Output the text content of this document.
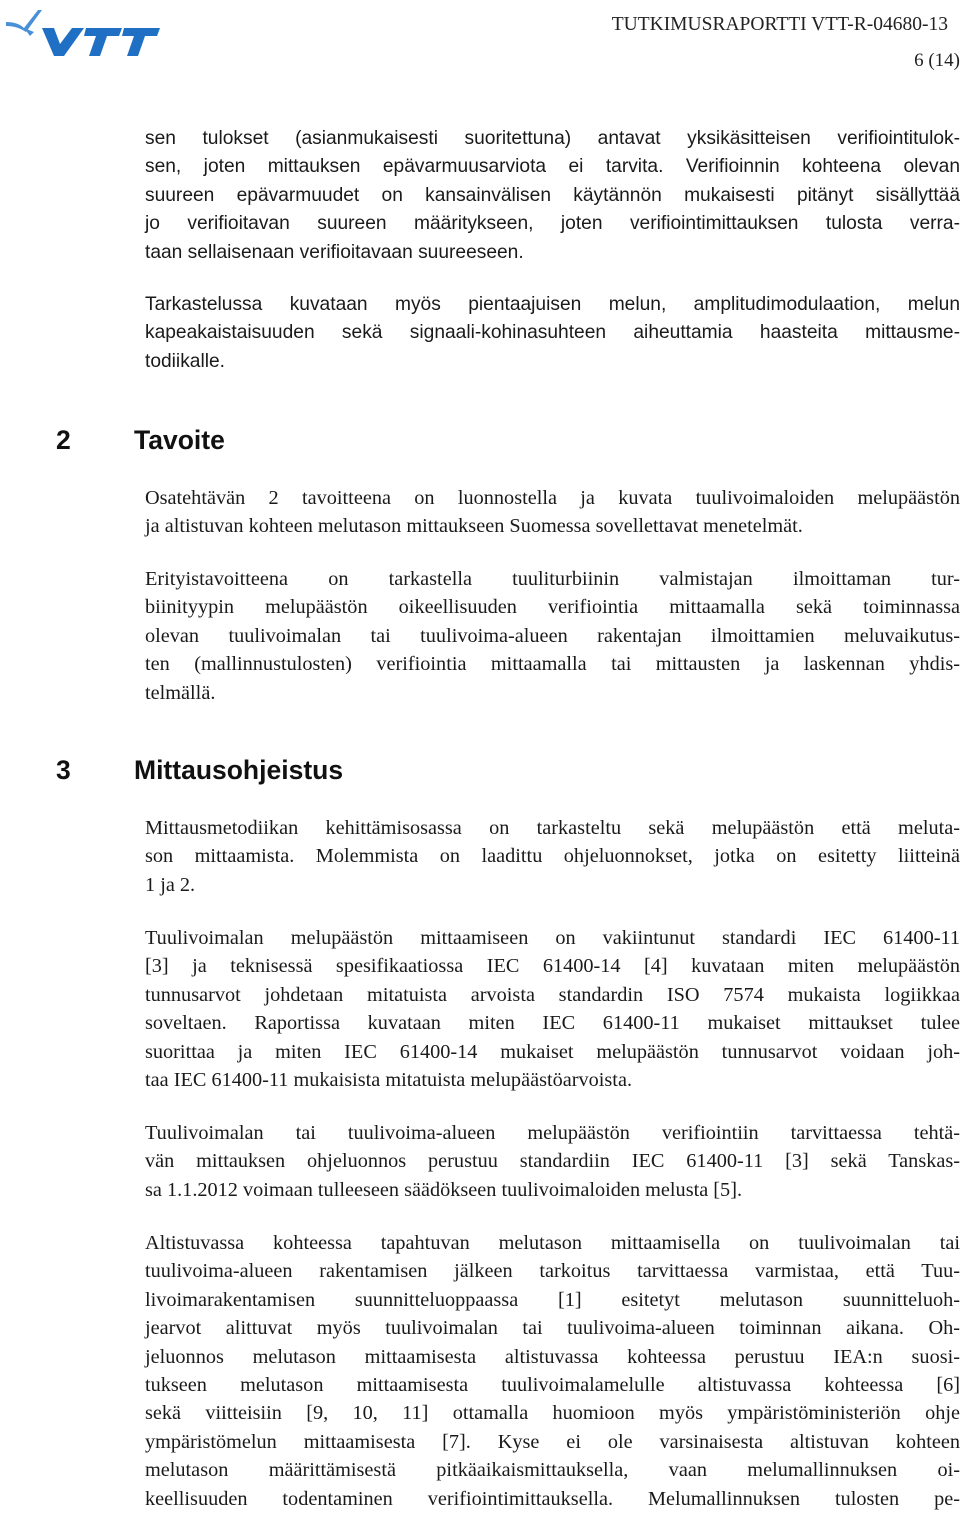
TUTKIMUSRAPORTTI VTT-R-04680-13
6 (14)

sen tulokset (asianmukaisesti suoritettuna) antavat yksikäsitteisen verifiointitulok-
sen, joten mittauksen epävarmuusarviota ei tarvita. Verifioinnin kohteena olevan
suureen epävarmuudet on kansainvälisen käytännön mukaisesti pitänyt sisällyttää
jo verifioitavan suureen määritykseen, joten verifiointimittauksen tulosta verra-
taan sellaisenaan verifioitavaan suureeseen.

Tarkastelussa kuvataan myös pientaajuisen melun, amplitudimodulaation, melun
kapeakaistaisuuden sekä signaali-kohinasuhteen aiheuttamia haasteita mittausme-
todiikalle.

2 Tavoite

Osatehtävän 2 tavoitteena on luonnostella ja kuvata tuulivoimaloiden melupäästön
ja altistuvan kohteen melutason mittaukseen Suomessa sovellettavat menetelmät.

Erityistavoitteena on tarkastella tuuliturbiinin valmistajan ilmoittaman tur-
biinityypin melupäästön oikeellisuuden verifiointia mittaamalla sekä toiminnassa
olevan tuulivoimalan tai tuulivoima-alueen rakentajan ilmoittamien meluvaikutus-
ten (mallinnustulosten) verifiointia mittaamalla tai mittausten ja laskennan yhdis-
telmällä.

3 Mittausohjeistus

Mittausmetodiikan kehittämisosassa on tarkasteltu sekä melupäästön että meluta-
son mittaamista. Molemmista on laadittu ohjeluonnokset, jotka on esitetty liitteinä
1 ja 2.

Tuulivoimalan melupäästön mittaamiseen on vakiintunut standardi IEC 61400-11
[3] ja teknisessä spesifikaatiossa IEC 61400-14 [4] kuvataan miten melupäästön
tunnusarvot johdetaan mitatuista arvoista standardin ISO 7574 mukaista logiikkaa
soveltaen. Raportissa kuvataan miten IEC 61400-11 mukaiset mittaukset tulee
suorittaa ja miten IEC 61400-14 mukaiset melupäästön tunnusarvot voidaan joh-
taa IEC 61400-11 mukaisista mitatuista melupäästöarvoista.

Tuulivoimalan tai tuulivoima-alueen melupäästön verifiointiin tarvittaessa tehtä-
vän mittauksen ohjeluonnos perustuu standardiin IEC 61400-11 [3] sekä Tanskas-
sa 1.1.2012 voimaan tulleeseen säädökseen tuulivoimaloiden melusta [5].

Altistuvassa kohteessa tapahtuvan melutason mittaamisella on tuulivoimalan tai
tuulivoima-alueen rakentamisen jälkeen tarkoitus tarvittaessa varmistaa, että Tuu-
livoimarakentamisen suunnitteluoppaassa [1] esitetyt melutason suunnitteluoh-
jearvot alittuvat myös tuulivoimalan tai tuulivoima-alueen toiminnan aikana. Oh-
jeluonnos melutason mittaamisesta altistuvassa kohteessa perustuu IEA:n suosi-
tukseen melutason mittaamisesta tuulivoimalamelulle altistuvassa kohteessa [6]
sekä viitteisiin [9, 10, 11] ottamalla huomioon myös ympäristöministeriön ohje
ympäristömelun mittaamisesta [7]. Kyse ei ole varsinaisesta altistuvan kohteen
melutason määrittämisestä pitkäaikaismittauksella, vaan melumallinnuksen oi-
keellisuuden todentaminen verifiointimittauksella. Melumallinnuksen tulosten pe-
